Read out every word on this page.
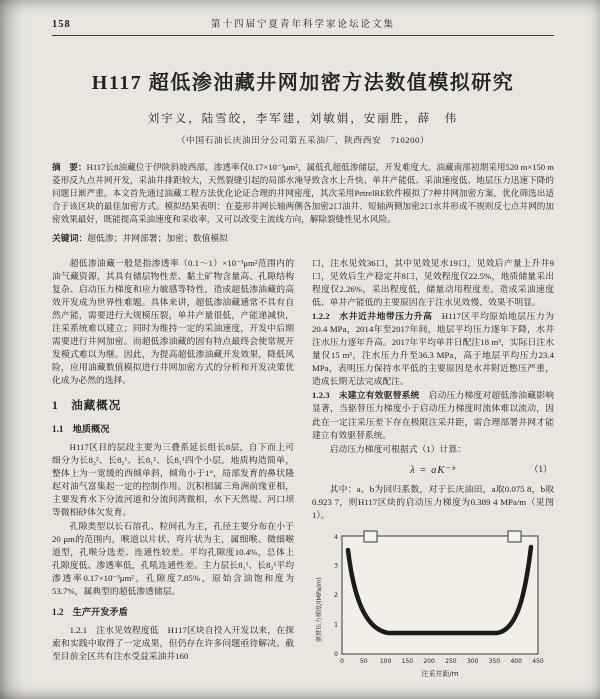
158	第十四届宁夏青年科学家论坛论文集
H117 超低渗油藏井网加密方法数值模拟研究
刘宇义，陆雪皎，李军建，刘敏娟，安丽胜，薛　伟
（中国石油长庆油田分公司第五采油厂，陕西西安　710200）
摘　要：H117长8油藏位于伊陕斜坡西部，渗透率仅0.17×10⁻³μm²，属低孔超低渗储层，开发难度大。油藏南部初期采用520 m×150 m菱形反九点井网开发，采油井排距较大，天然裂缝引起的局部水淹导致含水上升快、单井产能低、采油速度低、地层压力迅速下降的问题日渐严重。本文首先通过油藏工程方法优化论证合理的井网密度，其次采用PetrelRE软件模拟了7种井网加密方案，优化筛选出适合于该区块的最佳加密方式。模拟结果表明：在菱形井网长轴两侧各加密2口油井、短轴两侧加密2口水井形成不规则反七点井网的加密效果最好，既能提高采油速度和采收率，又可以改变主流线方向，解除裂缝性见水风险。
关键词：超低渗；井网部署；加密；数值模拟

超低渗油藏一般是指渗透率（0.1～1）×10⁻³μm²范围内的油气藏资源，其具有储层物性差、黏土矿物含量高、孔隙结构复杂、启动压力梯度和应力敏感等特性，造成超低渗油藏的高效开发成为世界性难题。具体来讲，超低渗油藏通常不具有自然产能，需要进行大规模压裂，单井产量很低，产能递减快，注采系统难以建立；同时为维持一定的采油速度，开发中后期需要进行井网加密。而超低渗油藏的固有特点最终会使常规开发模式难以为继。因此，为提高超低渗油藏开发效果，降低风险，应用油藏数值模拟进行井网加密方式的分析和开发决策优化成为必然的选择。

1　油藏概况
1.1　地质概况

H117区目的层段主要为三叠系延长组长8层，自下而上可细分为长8₂²、长8₂¹、长8₁²、长8₁¹四个小层。地质构造简单，整体上为一宽缓的西倾单斜，倾角小于1°，局部发育的鼻状隆起对油气富集起一定的控制作用。沉积相属三角洲前缘亚相，主要发育水下分流河道和分流间湾微相，水下天然堤、河口坝等微相砂体欠发育。

孔隙类型以长石溶孔、粒间孔为主，孔径主要分布在小于20 μm的范围内，喉道以片状、弯片状为主，属细喉、微细喉道型，孔喉分选差、连通性较差。平均孔隙度10.4%，总体上孔隙度低、渗透率低，孔吼连通性差。主力层长8₁¹、长8₂¹平均渗透率0.17×10⁻³μm²，孔隙度7.85%，原始含油饱和度为53.7%，属典型的超低渗透储层。

1.2　生产开发矛盾

1.2.1　注水见效程度低　H117区块自投入开发以来，在探索和实践中取得了一定成果，但仍存在许多问题亟待解决。截至目前全区共有注水受益采油井160

口，注水见效36口，其中见效见水19口，见效后产量上升井9口，见效后生产稳定井8口，见效程度仅22.5%，地质储量采出程度仅2.26%，采出程度低，储量动用程度差。造成采油速度低、单井产能低的主要原因在于注水见效慢、效果不明显。

1.2.2　水井近井地带压力升高　H117区平均原始地层压力为20.4 MPa，2014年至2017年间，地层平均压力逐年下降，水井注水压力逐年升高。2017年平均单井日配注18 m³，实际日注水量仅15 m³，注水压力升至36.3 MPa，高于地层平均压力23.4 MPa，表明压力保持水平低的主要原因是水井附近憋压严重，造成长期无法完成配注。

1.2.3　未建立有效驱替系统　启动压力梯度对超低渗油藏影响显著，当驱替压力梯度小于启动压力梯度时流体难以流动，因此在一定注采压差下存在极限注采井距，需合理部署井网才能建立有效驱替系统。

启动压力梯度可根据式（1）计算：

λ = aK⁻ᵇ	（1）

其中：a、b为回归系数，对于长庆油田，a取0.075 8，b取0.923 7，则H117区块的启动压力梯度为0.389 4 MPa/m（见图1）。

驱替压力梯度/(MPa/m)
0
1
2
3
4
0	50 100 150 200 250 300 350 400 450
注采井距/m
